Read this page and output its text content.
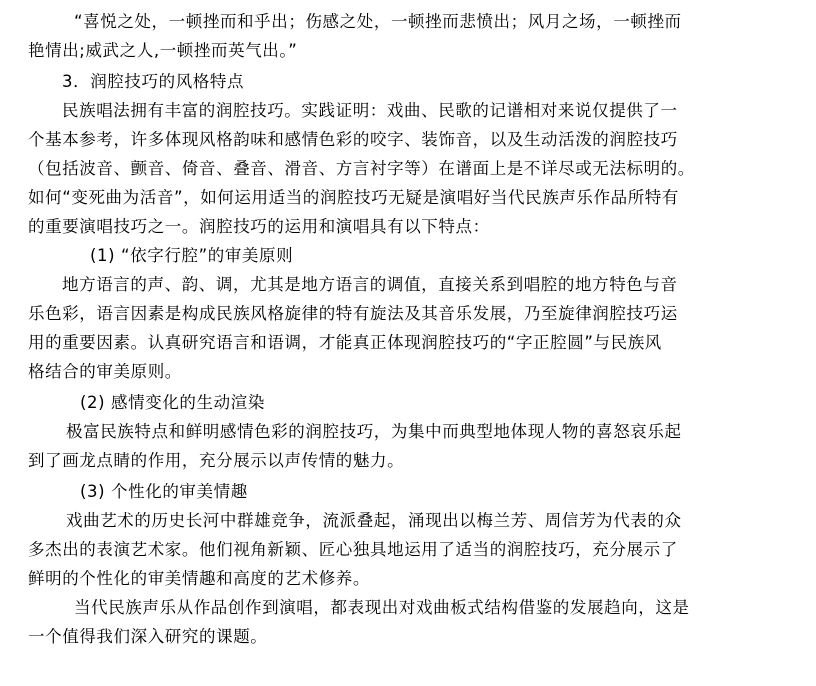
“喜悦之处，一顿挫而和乎出；伤感之处，一顿挫而悲愤出；风月之场，一顿挫而
艳情出;威武之人,一顿挫而英气出。”
3．润腔技巧的风格特点
民族唱法拥有丰富的润腔技巧。实践证明：戏曲、民歌的记谱相对来说仅提供了一
个基本参考，许多体现风格韵味和感情色彩的咬字、装饰音，以及生动活泼的润腔技巧
（包括波音、颤音、倚音、叠音、滑音、方言衬字等）在谱面上是不详尽或无法标明的。
如何“变死曲为活音”，如何运用适当的润腔技巧无疑是演唱好当代民族声乐作品所特有
的重要演唱技巧之一。润腔技巧的运用和演唱具有以下特点：
(1) “依字行腔”的审美原则
地方语言的声、韵、调，尤其是地方语言的调值，直接关系到唱腔的地方特色与音
乐色彩，语言因素是构成民族风格旋律的特有旋法及其音乐发展，乃至旋律润腔技巧运
用的重要因素。认真研究语言和语调，才能真正体现润腔技巧的“字正腔圆”与民族风
格结合的审美原则。
(2) 感情变化的生动渲染
极富民族特点和鲜明感情色彩的润腔技巧，为集中而典型地体现人物的喜怒哀乐起
到了画龙点睛的作用，充分展示以声传情的魅力。
(3) 个性化的审美情趣
戏曲艺术的历史长河中群雄竞争，流派叠起，涌现出以梅兰芳、周信芳为代表的众
多杰出的表演艺术家。他们视角新颖、匠心独具地运用了适当的润腔技巧，充分展示了
鲜明的个性化的审美情趣和高度的艺术修养。
当代民族声乐从作品创作到演唱，都表现出对戏曲板式结构借鉴的发展趋向，这是
一个值得我们深入研究的课题。
